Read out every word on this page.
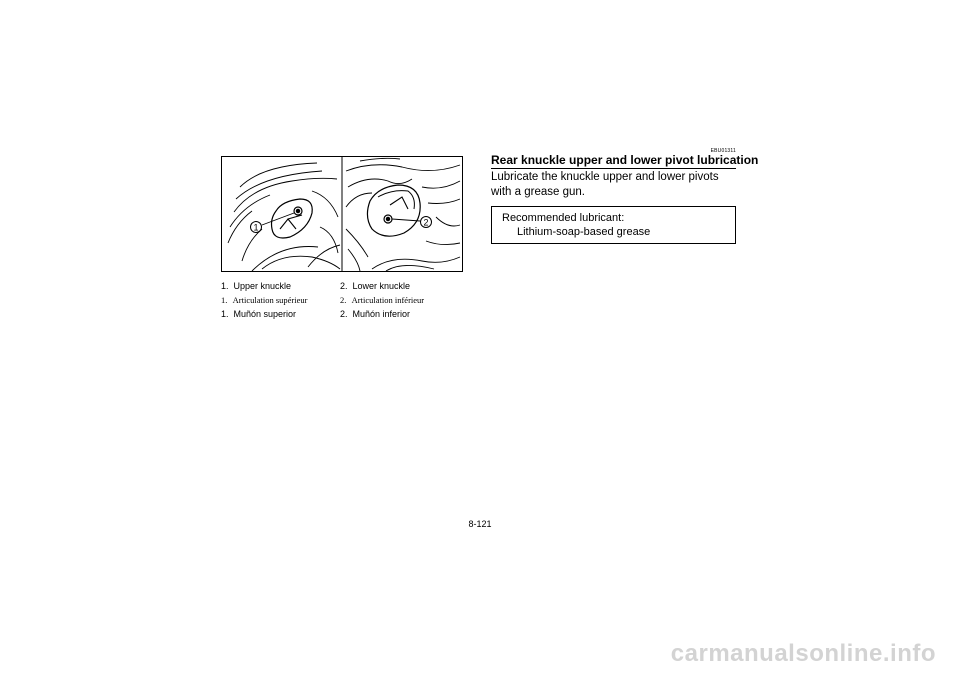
1	2
1. Upper knuckle	2. Lower knuckle
1. Articulation supérieur	2. Articulation inférieur
1. Muñón superior	2. Muñón inferior
EBU01311
Rear knuckle upper and lower pivot lubrication
Lubricate the knuckle upper and lower pivots with a grease gun.
Recommended lubricant:
Lithium-soap-based grease
8-121
carmanualsonline.info
